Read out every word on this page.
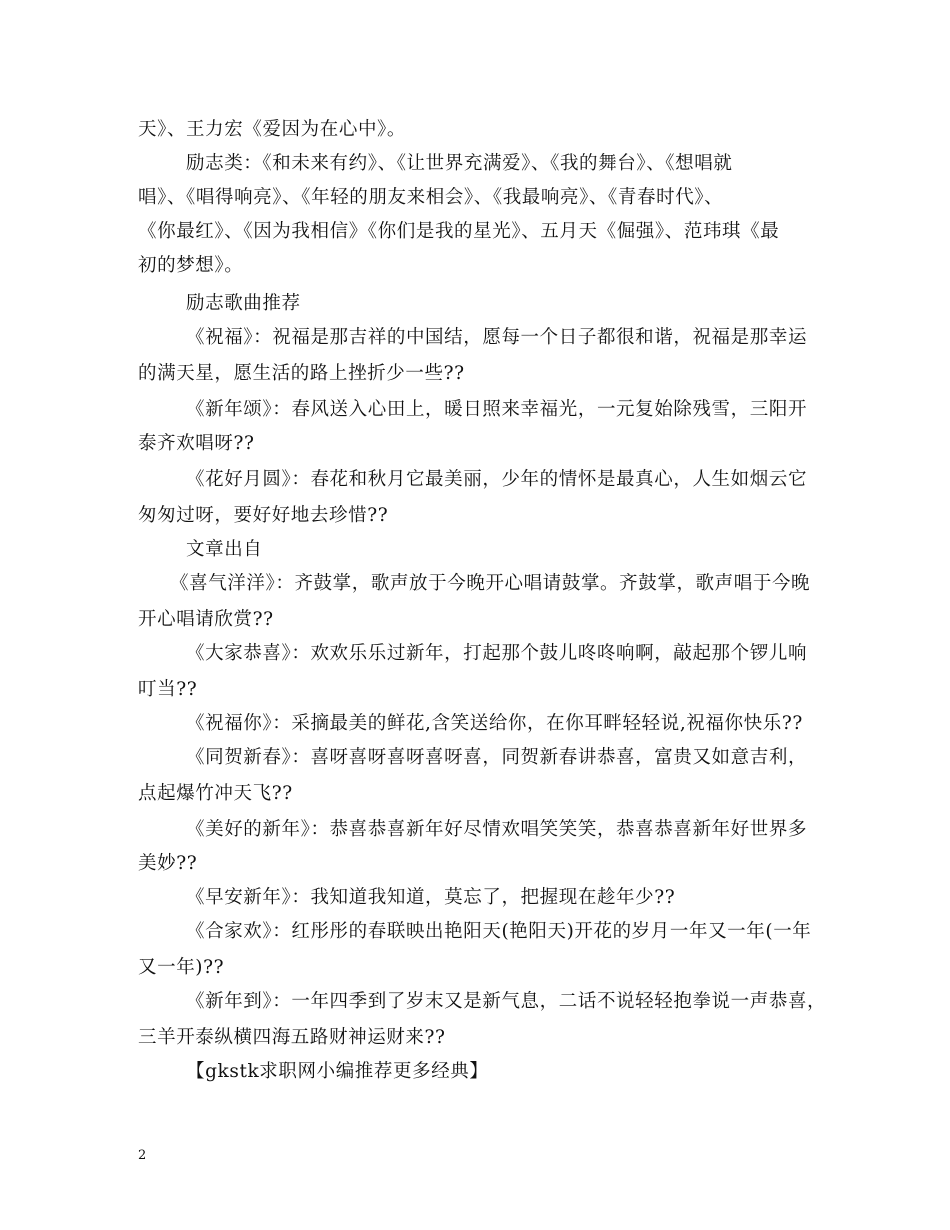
天》、王力宏《爱因为在心中》。
励志类：《和未来有约》、《让世界充满爱》、《我的舞台》、《想唱就
唱》、《唱得响亮》、《年轻的朋友来相会》、《我最响亮》、《青春时代》、
《你最红》、《因为我相信》《你们是我的星光》、五月天《倔强》、范玮琪《最
初的梦想》。
励志歌曲推荐
《祝福》：祝福是那吉祥的中国结，愿每一个日子都很和谐，祝福是那幸运
的满天星，愿生活的路上挫折少一些??
《新年颂》：春风送入心田上，暖日照来幸福光，一元复始除残雪，三阳开
泰齐欢唱呀??
《花好月圆》：春花和秋月它最美丽，少年的情怀是最真心，人生如烟云它
匆匆过呀，要好好地去珍惜??
文章出自
《喜气洋洋》：齐鼓掌，歌声放于今晚开心唱请鼓掌。齐鼓掌，歌声唱于今晚
开心唱请欣赏??
《大家恭喜》：欢欢乐乐过新年，打起那个鼓儿咚咚响啊，敲起那个锣儿响
叮当??
《祝福你》：采摘最美的鲜花,含笑送给你，在你耳畔轻轻说,祝福你快乐??
《同贺新春》：喜呀喜呀喜呀喜呀喜，同贺新春讲恭喜，富贵又如意吉利，
点起爆竹冲天飞??
《美好的新年》：恭喜恭喜新年好尽情欢唱笑笑笑，恭喜恭喜新年好世界多
美妙??
《早安新年》：我知道我知道，莫忘了，把握现在趁年少??
《合家欢》：红彤彤的春联映出艳阳天(艳阳天)开花的岁月一年又一年(一年
又一年)??
《新年到》：一年四季到了岁末又是新气息，二话不说轻轻抱拳说一声恭喜，
三羊开泰纵横四海五路财神运财来??
【gkstk求职网小编推荐更多经典】
2
